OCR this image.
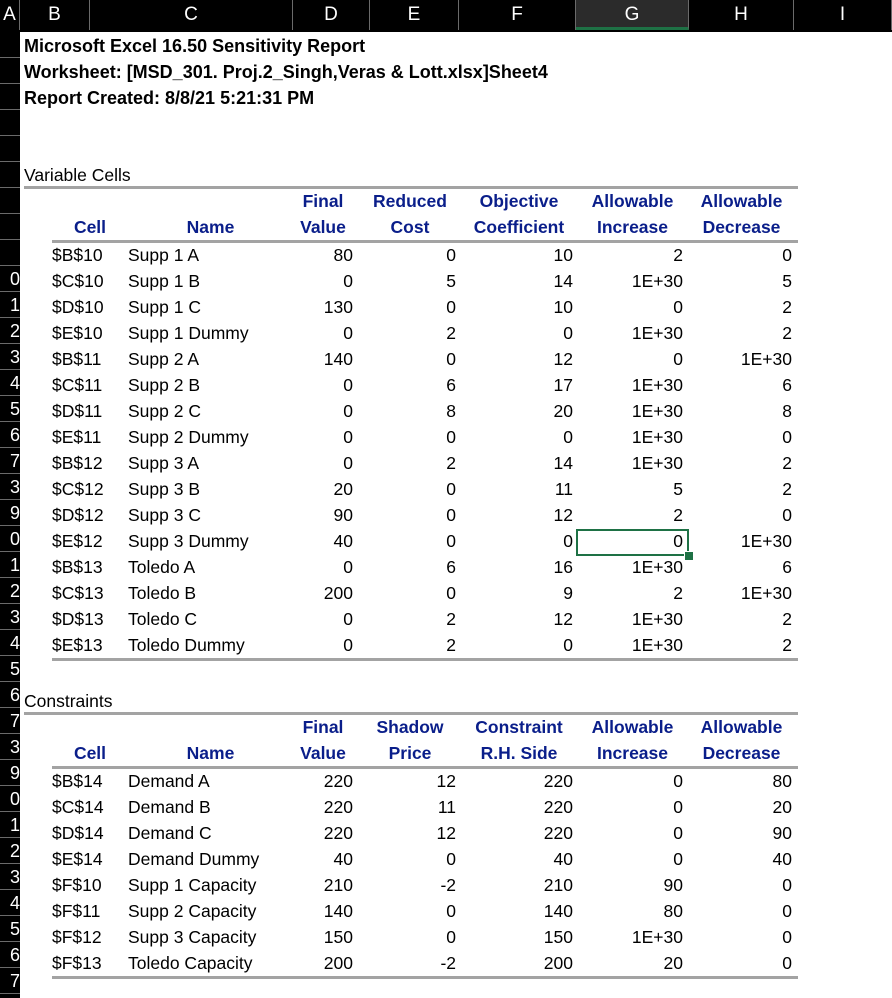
A	B	C	D	E	F	G	H	I
0
1
2
3
4
5
6
7
3
9
0
1
2
3
4
5
6
7
3
9
0
1
2
3
4
5
6
7
Microsoft Excel 16.50 Sensitivity Report
Worksheet: [MSD_301. Proj.2_Singh,Veras & Lott.xlsx]Sheet4
Report Created: 8/8/21 5:21:31 PM
Variable Cells
Final	Reduced	Objective	Allowable	Allowable
Cell	Name	Value	Cost	Coefficient	Increase	Decrease
$B$10	Supp 1 A	80	0	10	2	0
$C$10	Supp 1 B	0	5	14	1E+30	5
$D$10	Supp 1 C	130	0	10	0	2
$E$10	Supp 1 Dummy	0	2	0	1E+30	2
$B$11	Supp 2 A	140	0	12	0	1E+30
$C$11	Supp 2 B	0	6	17	1E+30	6
$D$11	Supp 2 C	0	8	20	1E+30	8
$E$11	Supp 2 Dummy	0	0	0	1E+30	0
$B$12	Supp 3 A	0	2	14	1E+30	2
$C$12	Supp 3 B	20	0	11	5	2
$D$12	Supp 3 C	90	0	12	2	0
$E$12	Supp 3 Dummy	40	0	0	0	1E+30
$B$13	Toledo A	0	6	16	1E+30	6
$C$13	Toledo B	200	0	9	2	1E+30
$D$13	Toledo C	0	2	12	1E+30	2
$E$13	Toledo Dummy	0	2	0	1E+30	2
Constraints
Final	Shadow	Constraint	Allowable	Allowable
Cell	Name	Value	Price	R.H. Side	Increase	Decrease
$B$14	Demand A	220	12	220	0	80
$C$14	Demand B	220	11	220	0	20
$D$14	Demand C	220	12	220	0	90
$E$14	Demand Dummy	40	0	40	0	40
$F$10	Supp 1 Capacity	210	-2	210	90	0
$F$11	Supp 2 Capacity	140	0	140	80	0
$F$12	Supp 3 Capacity	150	0	150	1E+30	0
$F$13	Toledo Capacity	200	-2	200	20	0
